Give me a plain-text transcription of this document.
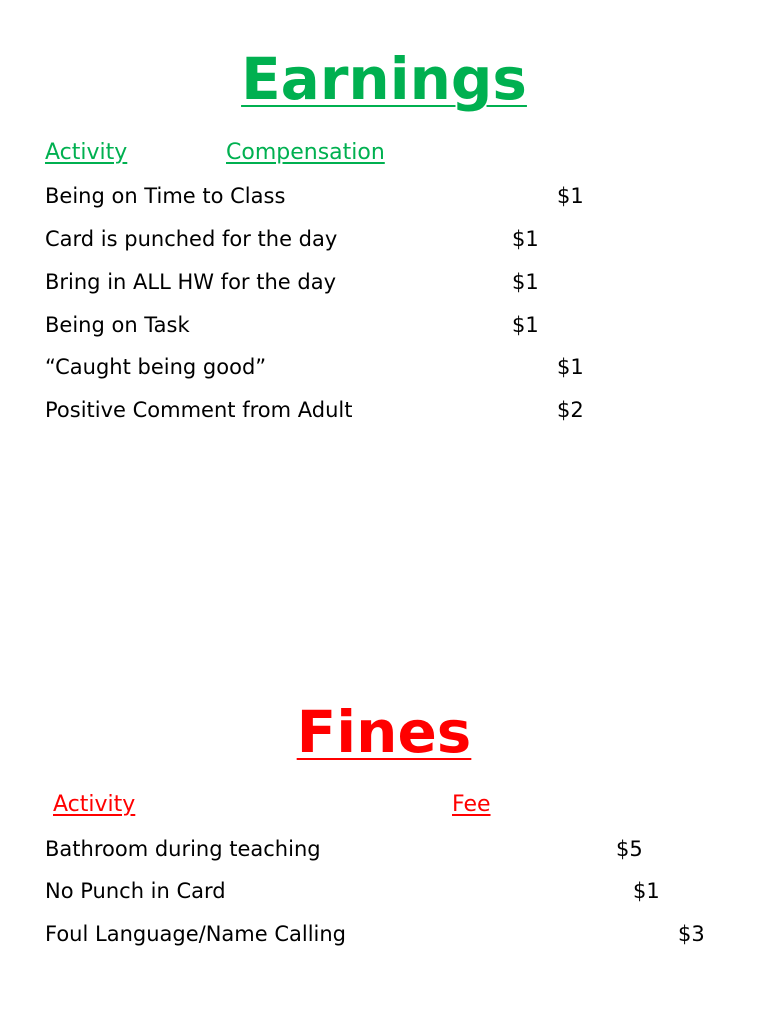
Earnings
Activity	Compensation
Being on Time to Class	$1
Card is punched for the day	$1
Bring in ALL HW for the day	$1
Being on Task	$1
“Caught being good”	$1
Positive Comment from Adult	$2
Fines
Activity	Fee
Bathroom during teaching	$5
No Punch in Card	$1
Foul Language/Name Calling	$3
